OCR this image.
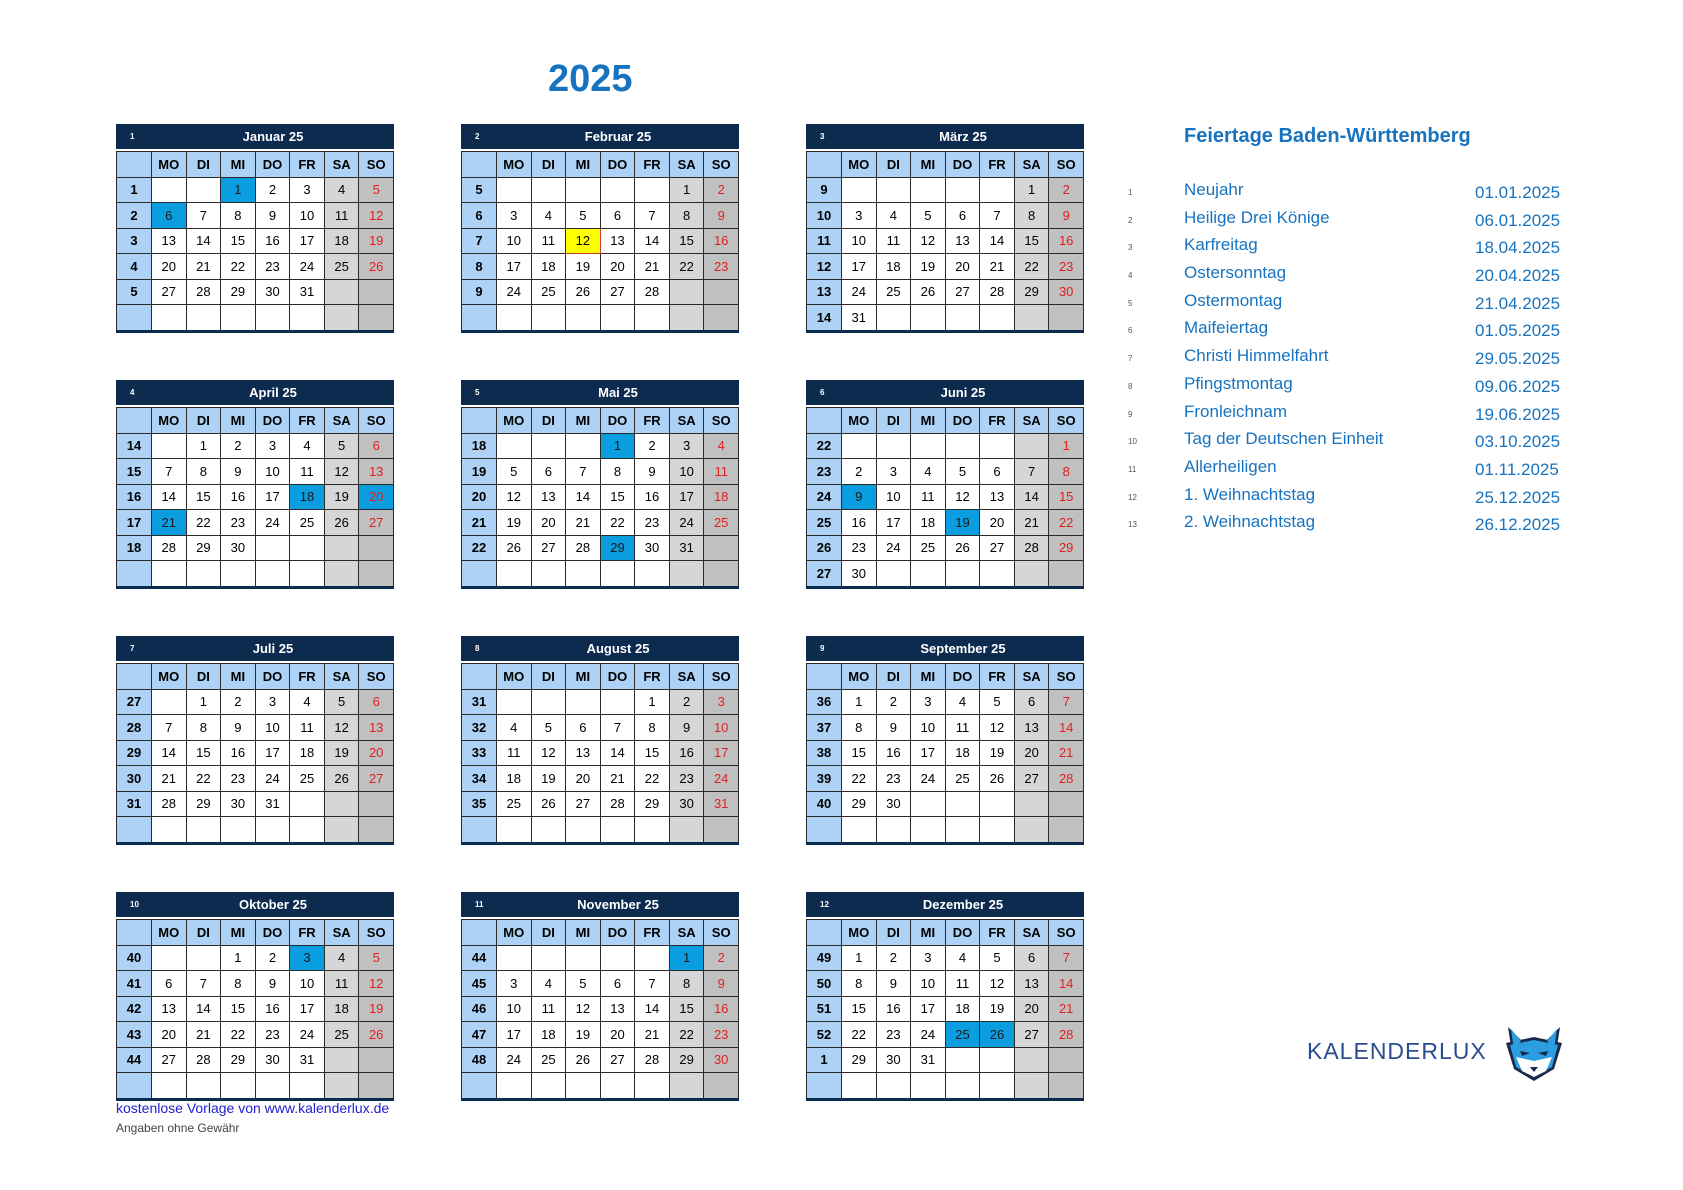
2025
1	Januar 25
	MO	DI	MI	DO	FR	SA	SO
1			1	2	3	4	5
2	6	7	8	9	10	11	12
3	13	14	15	16	17	18	19
4	20	21	22	23	24	25	26
5	27	28	29	30	31		

2	Februar 25
	MO	DI	MI	DO	FR	SA	SO
5						1	2
6	3	4	5	6	7	8	9
7	10	11	12	13	14	15	16
8	17	18	19	20	21	22	23
9	24	25	26	27	28		

3	März 25
	MO	DI	MI	DO	FR	SA	SO
9						1	2
10	3	4	5	6	7	8	9
11	10	11	12	13	14	15	16
12	17	18	19	20	21	22	23
13	24	25	26	27	28	29	30
14	31						
4	April 25
	MO	DI	MI	DO	FR	SA	SO
14		1	2	3	4	5	6
15	7	8	9	10	11	12	13
16	14	15	16	17	18	19	20
17	21	22	23	24	25	26	27
18	28	29	30				

5	Mai 25
	MO	DI	MI	DO	FR	SA	SO
18				1	2	3	4
19	5	6	7	8	9	10	11
20	12	13	14	15	16	17	18
21	19	20	21	22	23	24	25
22	26	27	28	29	30	31	

6	Juni 25
	MO	DI	MI	DO	FR	SA	SO
22							1
23	2	3	4	5	6	7	8
24	9	10	11	12	13	14	15
25	16	17	18	19	20	21	22
26	23	24	25	26	27	28	29
27	30						
7	Juli 25
	MO	DI	MI	DO	FR	SA	SO
27		1	2	3	4	5	6
28	7	8	9	10	11	12	13
29	14	15	16	17	18	19	20
30	21	22	23	24	25	26	27
31	28	29	30	31			

8	August 25
	MO	DI	MI	DO	FR	SA	SO
31					1	2	3
32	4	5	6	7	8	9	10
33	11	12	13	14	15	16	17
34	18	19	20	21	22	23	24
35	25	26	27	28	29	30	31

9	September 25
	MO	DI	MI	DO	FR	SA	SO
36	1	2	3	4	5	6	7
37	8	9	10	11	12	13	14
38	15	16	17	18	19	20	21
39	22	23	24	25	26	27	28
40	29	30					

10	Oktober 25
	MO	DI	MI	DO	FR	SA	SO
40			1	2	3	4	5
41	6	7	8	9	10	11	12
42	13	14	15	16	17	18	19
43	20	21	22	23	24	25	26
44	27	28	29	30	31		

11	November 25
	MO	DI	MI	DO	FR	SA	SO
44						1	2
45	3	4	5	6	7	8	9
46	10	11	12	13	14	15	16
47	17	18	19	20	21	22	23
48	24	25	26	27	28	29	30

12	Dezember 25
	MO	DI	MI	DO	FR	SA	SO
49	1	2	3	4	5	6	7
50	8	9	10	11	12	13	14
51	15	16	17	18	19	20	21
52	22	23	24	25	26	27	28
1	29	30	31				

Feiertage Baden-Württemberg
1	Neujahr	01.01.2025
2	Heilige Drei Könige	06.01.2025
3	Karfreitag	18.04.2025
4	Ostersonntag	20.04.2025
5	Ostermontag	21.04.2025
6	Maifeiertag	01.05.2025
7	Christi Himmelfahrt	29.05.2025
8	Pfingstmontag	09.06.2025
9	Fronleichnam	19.06.2025
10	Tag der Deutschen Einheit	03.10.2025
11	Allerheiligen	01.11.2025
12	1. Weihnachtstag	25.12.2025
13	2. Weihnachtstag	26.12.2025
KALENDERLUX
kostenlose Vorlage von www.kalenderlux.de
Angaben ohne Gewähr
